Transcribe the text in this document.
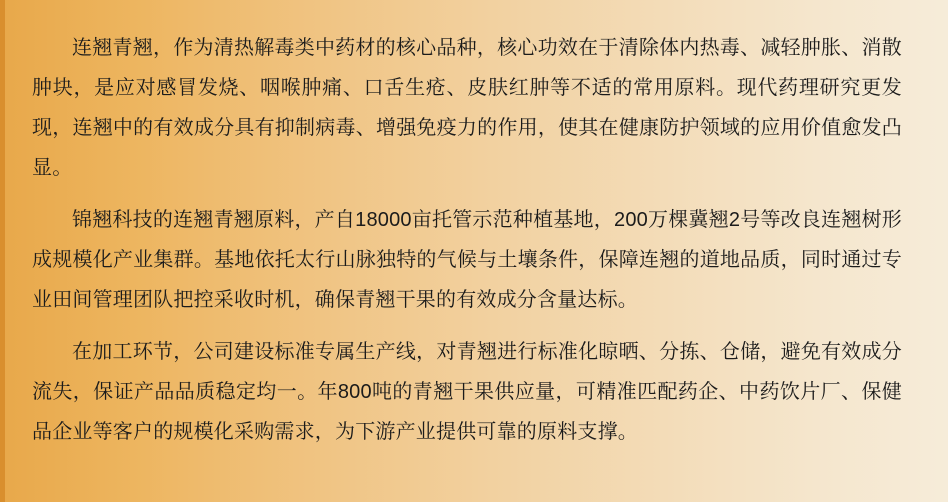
连翘青翘，作为清热解毒类中药材的核心品种，核心功效在于清除体内热毒、减轻肿胀、消散肿块，是应对感冒发烧、咽喉肿痛、口舌生疮、皮肤红肿等不适的常用原料。现代药理研究更发现，连翘中的有效成分具有抑制病毒、增强免疫力的作用，使其在健康防护领域的应用价值愈发凸显。

锦翘科技的连翘青翘原料，产自18000亩托管示范种植基地，200万棵冀翘2号等改良连翘树形成规模化产业集群。基地依托太行山脉独特的气候与土壤条件，保障连翘的道地品质，同时通过专业田间管理团队把控采收时机，确保青翘干果的有效成分含量达标。

在加工环节，公司建设标准专属生产线，对青翘进行标准化晾晒、分拣、仓储，避免有效成分流失，保证产品品质稳定均一。年800吨的青翘干果供应量，可精准匹配药企、中药饮片厂、保健品企业等客户的规模化采购需求，为下游产业提供可靠的原料支撑。
